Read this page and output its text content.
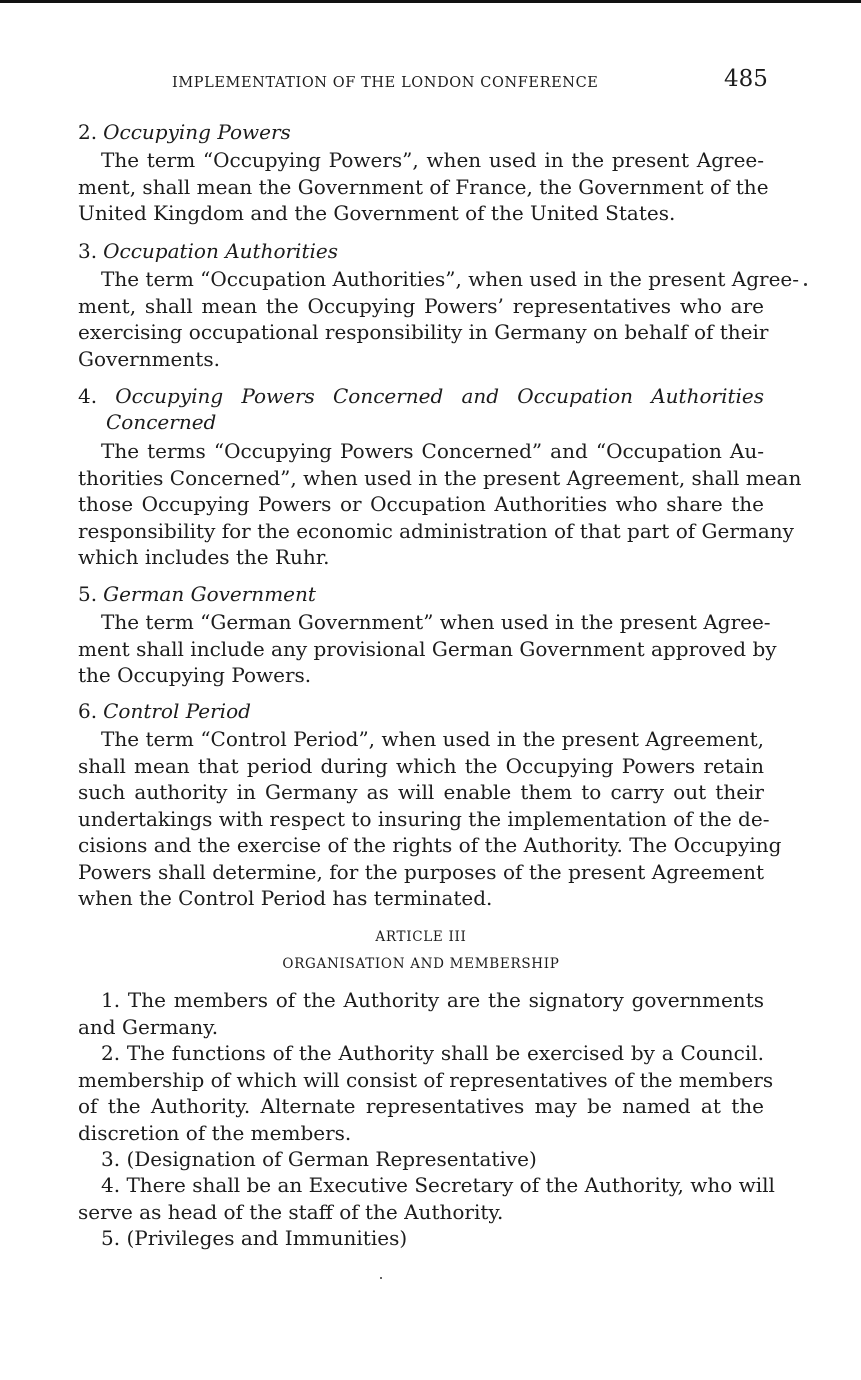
IMPLEMENTATION OF THE LONDON CONFERENCE	485
2. Occupying Powers
The term “Occupying Powers”, when used in the present Agree-
ment, shall mean the Government of France, the Government of the
United Kingdom and the Government of the United States.
3. Occupation Authorities
The term “Occupation Authorities”, when used in the present Agree-
ment, shall mean the Occupying Powers’ representatives who are
exercising occupational responsibility in Germany on behalf of their
Governments.
4. Occupying Powers Concerned and Occupation Authorities
Concerned
The terms “Occupying Powers Concerned” and “Occupation Au-
thorities Concerned”, when used in the present Agreement, shall mean
those Occupying Powers or Occupation Authorities who share the
responsibility for the economic administration of that part of Germany
which includes the Ruhr.
5. German Government
The term “German Government” when used in the present Agree-
ment shall include any provisional German Government approved by
the Occupying Powers.
6. Control Period
The term “Control Period”, when used in the present Agreement,
shall mean that period during which the Occupying Powers retain
such authority in Germany as will enable them to carry out their
undertakings with respect to insuring the implementation of the de-
cisions and the exercise of the rights of the Authority. The Occupying
Powers shall determine, for the purposes of the present Agreement
when the Control Period has terminated.
ARTICLE III
ORGANISATION AND MEMBERSHIP
1. The members of the Authority are the signatory governments
and Germany.
2. The functions of the Authority shall be exercised by a Council.
membership of which will consist of representatives of the members
of the Authority. Alternate representatives may be named at the
discretion of the members.
3. (Designation of German Representative)
4. There shall be an Executive Secretary of the Authority, who will
serve as head of the staff of the Authority.
5. (Privileges and Immunities)
